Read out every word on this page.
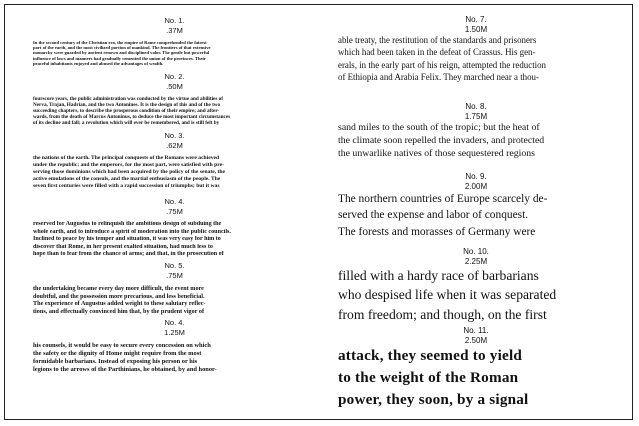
No. 1.
.37M
In the second century of the Christian era, the empire of Rome comprehended the fairest
part of the earth, and the most civilized portion of mankind. The frontiers of that extensive
monarchy were guarded by ancient renown and disciplined valor. The gentle but powerful
influence of laws and manners had gradually cemented the union of the provinces. Their
peaceful inhabitants enjoyed and abused the advantages of wealth.
No. 2.
.50M
fourscore years, the public administration was conducted by the virtue and abilities of
Nerva, Trajan, Hadrian, and the two Antonines. It is the design of this and of the two
succeeding chapters, to describe the prosperous condition of their empire; and after-
wards, from the death of Marcus Antoninus, to deduce the most important circumstances
of its decline and fall; a revolution which will ever be remembered, and is still felt by
No. 3.
.62M
the nations of the earth. The principal conquests of the Romans were achieved
under the republic; and the emperors, for the most part, were satisfied with pre-
serving those dominions which had been acquired by the policy of the senate, the
active emulations of the consuls, and the martial enthusiasm of the people. The
seven first centuries were filled with a rapid succession of triumphs; but it was
No. 4.
.75M
reserved for Augustus to relinquish the ambitious design of subduing the
whole earth, and to introduce a spirit of moderation into the public councils.
Inclined to peace by his temper and situation, it was very easy for him to
discover that Rome, in her present exalted situation, had much less to
hope than to fear from the chance of arms; and that, in the prosecution of
No. 5.
.75M
the undertaking became every day more difficult, the event more
doubtful, and the possession more precarious, and less beneficial.
The experience of Augustus added weight to these salutary reflec-
tions, and effectually convinced him that, by the prudent vigor of
No. 4.
1.25M
his counsels, it would be easy to secure every concession on which
the safety or the dignity of Home might require from the most
formidable barbarians. Instead of exposing his person or his
legions to the arrows of the Parthinians, he obtained, by and honor-
No. 7.
1.50M
able treaty, the restitution of the standards and prisoners
which had been taken in the defeat of Crassus. His gen-
erals, in the early part of his reign, attempted the reduction
of Ethiopia and Arabia Felix. They marched near a thou-
No. 8.
1.75M
sand miles to the south of the tropic; but the heat of
the climate soon repelled the invaders, and protected
the unwarlike natives of those sequestered regions
No. 9.
2.00M
The northern countries of Europe scarcely de-
served the expense and labor of conquest.
The forests and morasses of Germany were
No. 10.
2.25M
filled with a hardy race of barbarians
who despised life when it was separated
from freedom; and though, on the first
No. 11.
2.50M
attack, they seemed to yield
to the weight of the Roman
power, they soon, by a signal
